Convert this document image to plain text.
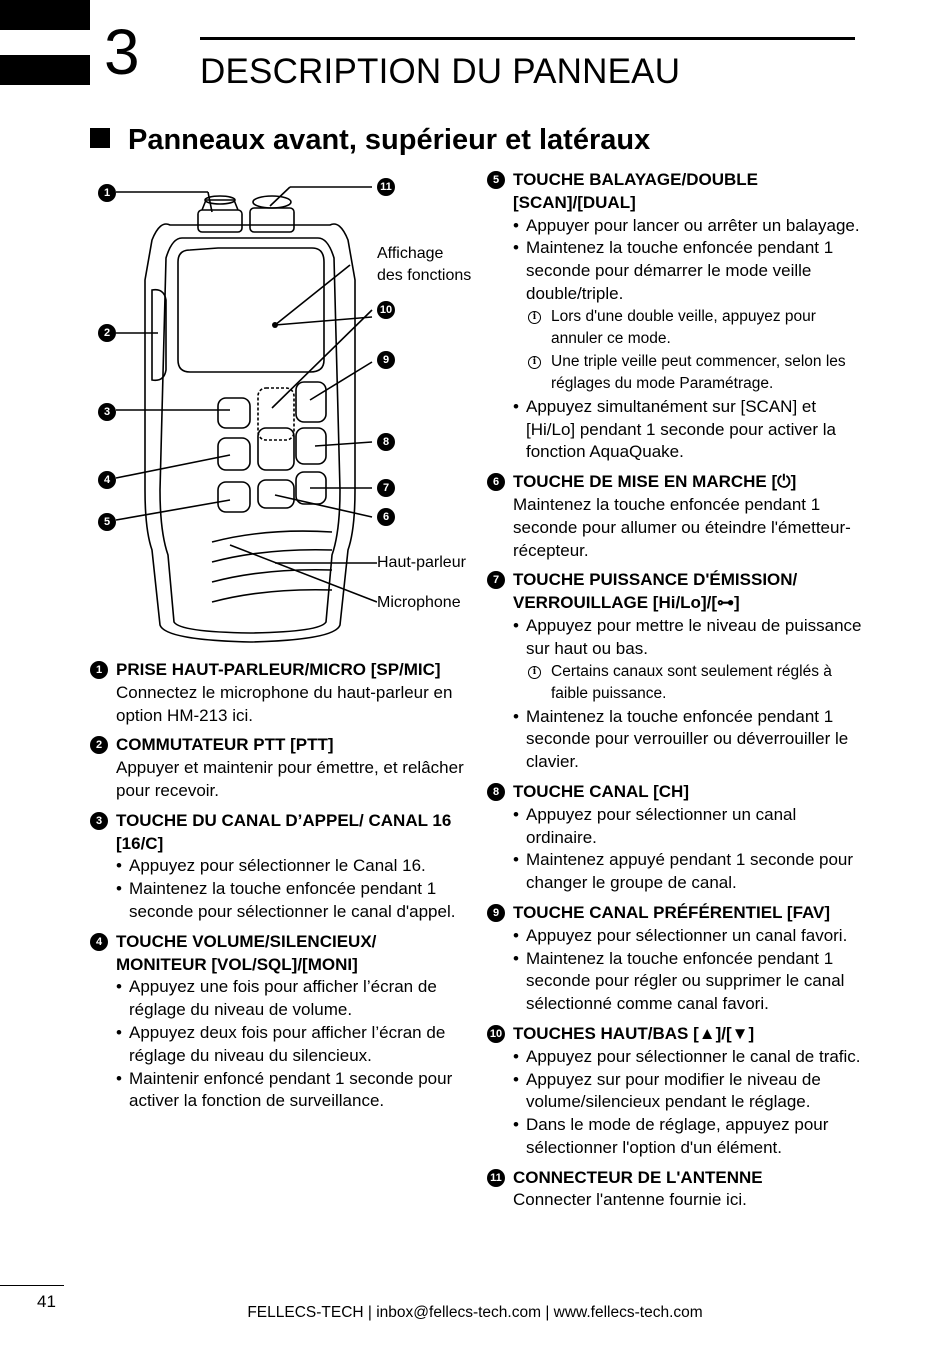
3 DESCRIPTION DU PANNEAU
Panneaux avant, supérieur et latéraux
1	11
10
9
2
3
8
4
7
5	6
Affichage
des fonctions
Haut-parleur
Microphone
1 PRISE HAUT-PARLEUR/MICRO [SP/MIC]
Connectez le microphone du haut-parleur en option HM-213 ici.
2 COMMUTATEUR PTT [PTT]
Appuyer et maintenir pour émettre, et relâcher pour recevoir.
3 TOUCHE DU CANAL D’APPEL/ CANAL 16 [16/C]
• Appuyez pour sélectionner le Canal 16.
• Maintenez la touche enfoncée pendant 1 seconde pour sélectionner le canal d'appel.
4 TOUCHE VOLUME/SILENCIEUX/ MONITEUR [VOL/SQL]/[MONI]
• Appuyez une fois pour afficher l’écran de réglage du niveau de volume.
• Appuyez deux fois pour afficher l’écran de réglage du niveau du silencieux.
• Maintenir enfoncé pendant 1 seconde pour activer la fonction de surveillance.
5 TOUCHE BALAYAGE/DOUBLE [SCAN]/[DUAL]
• Appuyer pour lancer ou arrêter un balayage.
• Maintenez la touche enfoncée pendant 1 seconde pour démarrer le mode veille double/triple.
i Lors d'une double veille, appuyez pour annuler ce mode.
i Une triple veille peut commencer, selon les réglages du mode Paramétrage.
• Appuyez simultanément sur [SCAN] et [Hi/Lo] pendant 1 seconde pour activer la fonction AquaQuake.
6 TOUCHE DE MISE EN MARCHE [⏻]
Maintenez la touche enfoncée pendant 1 seconde pour allumer ou éteindre l'émetteur-récepteur.
7 TOUCHE PUISSANCE D'ÉMISSION/ VERROUILLAGE [Hi/Lo]/[⊶]
• Appuyez pour mettre le niveau de puissance sur haut ou bas.
i Certains canaux sont seulement réglés à faible puissance.
• Maintenez la touche enfoncée pendant 1 seconde pour verrouiller ou déverrouiller le clavier.
8 TOUCHE CANAL [CH]
• Appuyez pour sélectionner un canal ordinaire.
• Maintenez appuyé pendant 1 seconde pour changer le groupe de canal.
9 TOUCHE CANAL PRÉFÉRENTIEL [FAV]
• Appuyez pour sélectionner un canal favori.
• Maintenez la touche enfoncée pendant 1 seconde pour régler ou supprimer le canal sélectionné comme canal favori.
10 TOUCHES HAUT/BAS [▲]/[▼]
• Appuyez pour sélectionner le canal de trafic.
• Appuyez sur pour modifier le niveau de volume/silencieux pendant le réglage.
• Dans le mode de réglage, appuyez pour sélectionner l'option d'un élément.
11 CONNECTEUR DE L'ANTENNE
Connecter l'antenne fournie ici.
41
FELLECS-TECH | inbox@fellecs-tech.com | www.fellecs-tech.com
